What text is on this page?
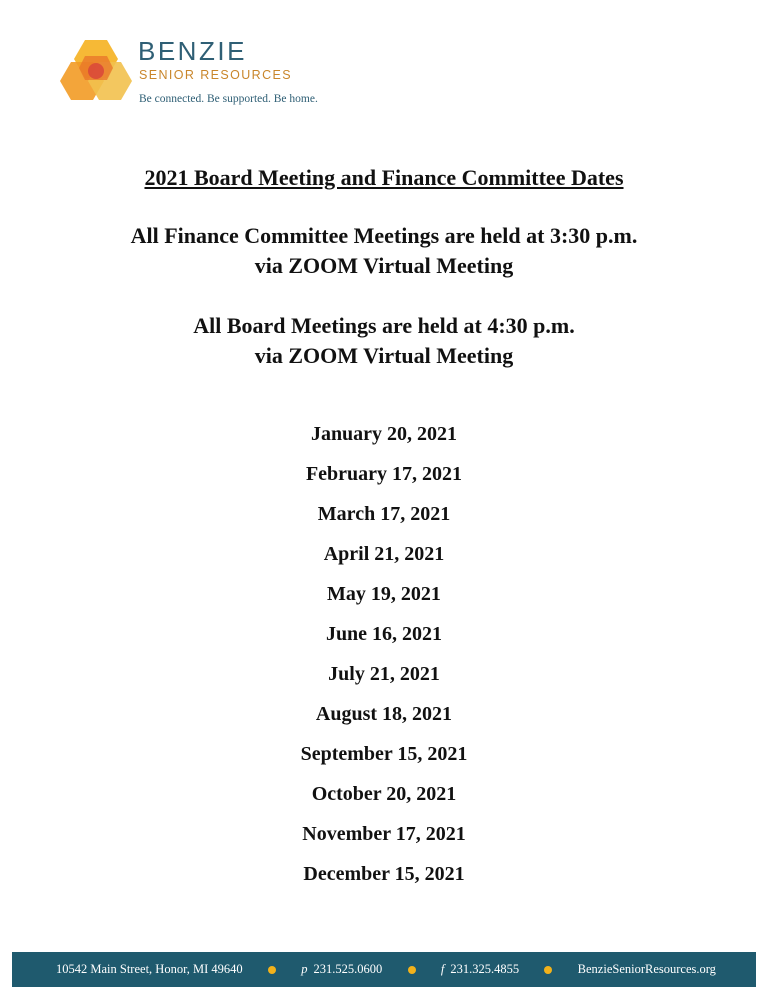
BENZIE
SENIOR RESOURCES
Be connected. Be supported. Be home.
2021 Board Meeting and Finance Committee Dates

All Finance Committee Meetings are held at 3:30 p.m.
via ZOOM Virtual Meeting

All Board Meetings are held at 4:30 p.m.
via ZOOM Virtual Meeting

January 20, 2021
February 17, 2021
March 17, 2021
April 21, 2021
May 19, 2021
June 16, 2021
July 21, 2021
August 18, 2021
September 15, 2021
October 20, 2021
November 17, 2021
December 15, 2021
10542 Main Street, Honor, MI 49640	p 231.525.0600	f 231.325.4855	BenzieSeniorResources.org
